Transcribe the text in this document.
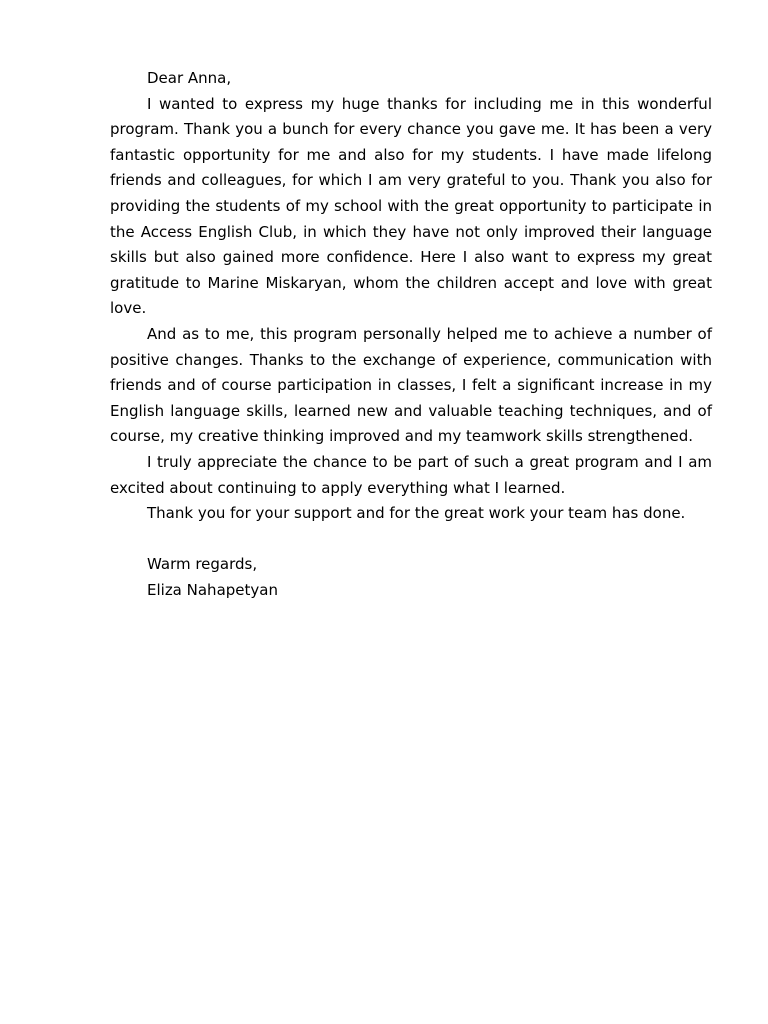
Dear Anna,

I wanted to express my huge thanks for including me in this wonderful program. Thank you a bunch for every chance you gave me. It has been a very fantastic opportunity for me and also for my students. I have made lifelong friends and colleagues, for which I am very grateful to you. Thank you also for providing the students of my school with the great opportunity to participate in the Access English Club, in which they have not only improved their language skills but also gained more confidence. Here I also want to express my great gratitude to Marine Miskaryan, whom the children accept and love with great love.

And as to me, this program personally helped me to achieve a number of positive changes. Thanks to the exchange of experience, communication with friends and of course participation in classes, I felt a significant increase in my English language skills, learned new and valuable teaching techniques, and of course, my creative thinking improved and my teamwork skills strengthened.

I truly appreciate the chance to be part of such a great program and I am excited about continuing to apply everything what I learned.

Thank you for your support and for the great work your team has done.

Warm regards,

Eliza Nahapetyan
